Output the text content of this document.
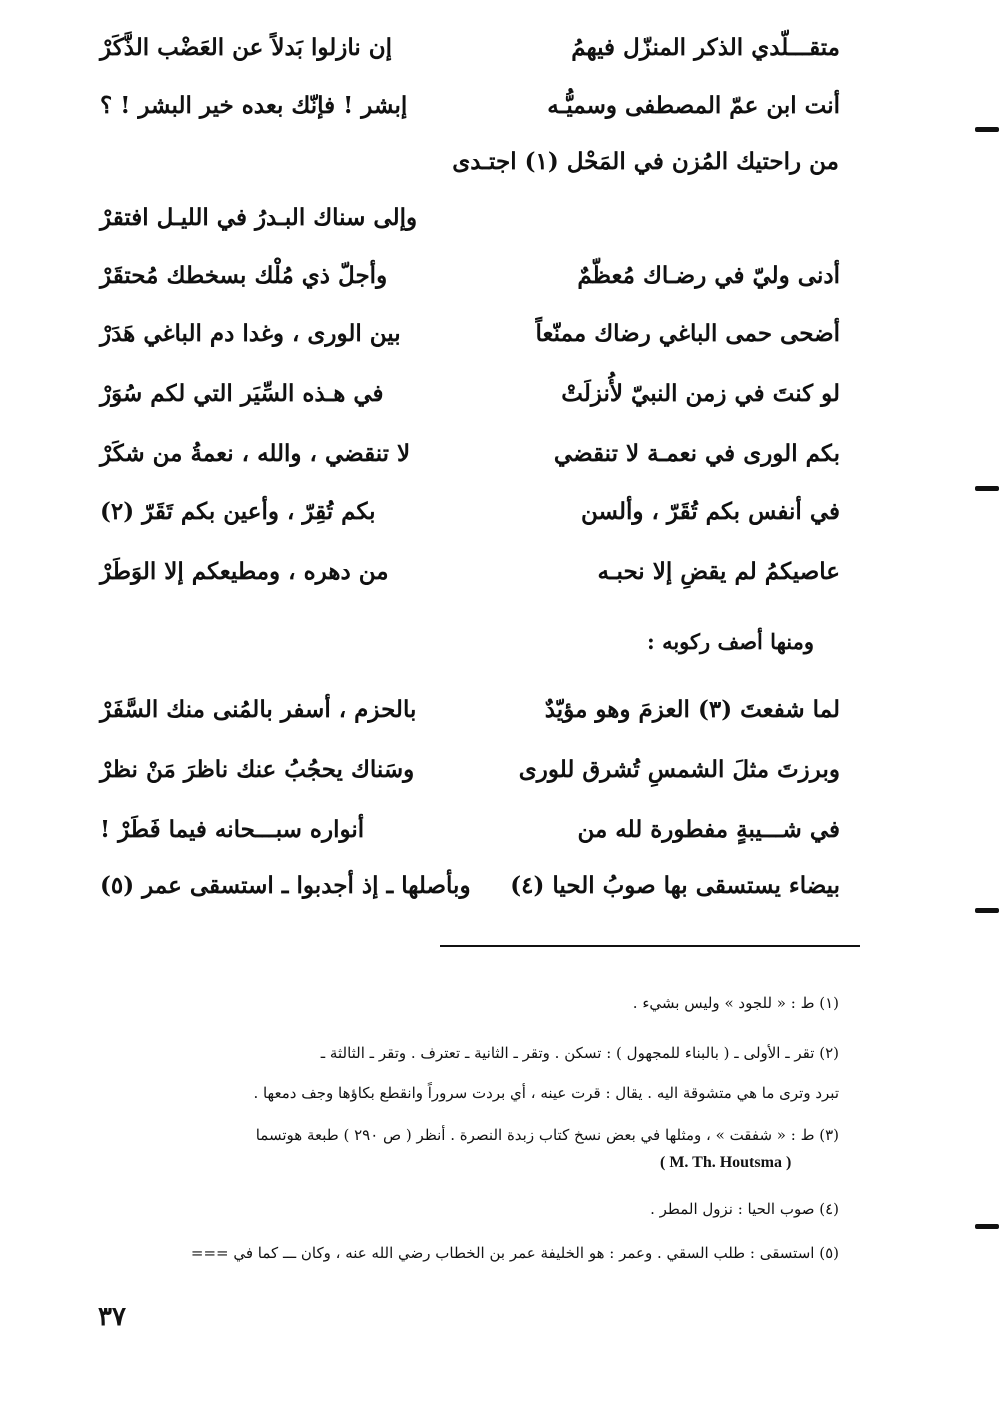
متقـــلّدي الذكر المنزّل فيهمُ
إن نازلوا بَدلاً عن العَضْب الذَّكَرْ
أنت ابن عمّ المصطفى وسميُّـه
إبشر ! فإنّك بعده خير البشر ! ؟
من راحتيك المُزن في المَحْل (١) اجتـدى
وإلى سناك البـدرُ في الليـل افتقرْ
أدنى وليّ في رضـاك مُعظّمٌ
وأجلّ ذي مُلْك بسخطك مُحتقَرْ
أضحى حمى الباغي رضاك ممنّعاً
بين الورى ، وغدا دم الباغي هَدَرْ
لو كنتَ في زمن النبيّ لأُنزلَتْ
في هـذه السِّيَر التي لكم سُوَرْ
بكم الورى في نعمـة لا تنقضي
لا تنقضي ، والله ، نعمةُ من شكَرْ
في أنفس بكم تُقَرّ ، وألسن
بكم تُقِرّ ، وأعين بكم تَقَرّ (٢)
عاصيكمُ لم يقضِ إلا نحبـه
من دهره ، ومطيعكم إلا الوَطَرْ
ومنها أصف ركوبه :
لما شفعتَ (٣) العزمَ وهو مؤيّدٌ
بالحزم ، أسفر بالمُنى منك السَّفَرْ
وبرزتَ مثلَ الشمسِ تُشرق للورى
وسَناك يحجُبُ عنك ناظرَ مَنْ نظرْ
في شـــيبةٍ مفطورة لله من
أنواره سبـــحانه فيما فَطَرْ !
بيضاء يستسقى بها صوبُ الحيا (٤)
وبأصلها ـ إذ أجدبوا ـ استسقى عمر (٥)
(١) ط : « للجود » وليس بشيء .
(٢) تقر ـ الأولى ـ ( بالبناء للمجهول ) : تسكن . وتقر ـ الثانية ـ تعترف . وتقر ـ الثالثة ـ
تبرد وترى ما هي متشوقة اليه . يقال : قرت عينه ، أي بردت سروراً وانقطع بكاؤها وجف دمعها .
(٣) ط : « شفقت » ، ومثلها في بعض نسخ كتاب زبدة النصرة . أنظر ( ص ٢٩٠ ) طبعة هوتسما
( M. Th. Houtsma )
(٤) صوب الحيا : نزول المطر .
(٥) استسقى : طلب السقي . وعمر : هو الخليفة عمر بن الخطاب رضي الله عنه ، وكان ـــ كما في ===
٣٧
